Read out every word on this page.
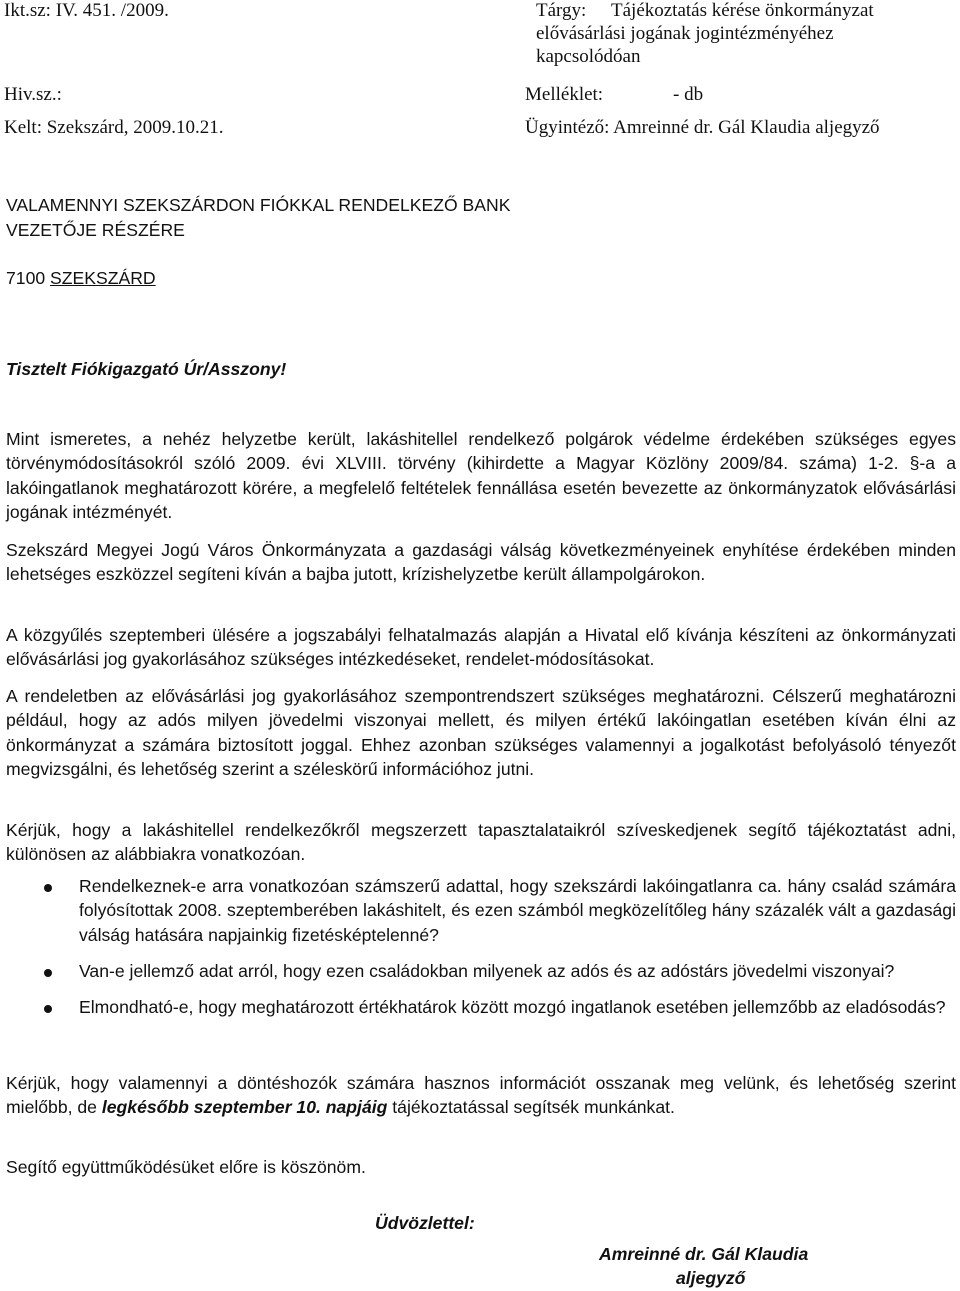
Ikt.sz: IV. 451. /2009.
Hiv.sz.:
Kelt: Szekszárd, 2009.10.21.
Tárgy: Tájékoztatás kérése önkormányzat
elővásárlási jogának jogintézményéhez
kapcsolódóan
Melléklet:	- db
Ügyintéző: Amreinné dr. Gál Klaudia aljegyző
VALAMENNYI SZEKSZÁRDON FIÓKKAL RENDELKEZŐ BANK
VEZETŐJE RÉSZÉRE
7100 SZEKSZÁRD
Tisztelt Fiókigazgató Úr/Asszony!

Mint ismeretes, a nehéz helyzetbe került, lakáshitellel rendelkező polgárok védelme érdekében szükséges egyes törvénymódosításokról szóló 2009. évi XLVIII. törvény (kihirdette a Magyar Közlöny 2009/84. száma) 1-2. §-a a lakóingatlanok meghatározott körére, a megfelelő feltételek fennállása esetén bevezette az önkormányzatok elővásárlási jogának intézményét.

Szekszárd Megyei Jogú Város Önkormányzata a gazdasági válság következményeinek enyhítése érdekében minden lehetséges eszközzel segíteni kíván a bajba jutott, krízishelyzetbe került állampolgárokon.

A közgyűlés szeptemberi ülésére a jogszabályi felhatalmazás alapján a Hivatal elő kívánja készíteni az önkormányzati elővásárlási jog gyakorlásához szükséges intézkedéseket, rendelet-módosításokat.

A rendeletben az elővásárlási jog gyakorlásához szempontrendszert szükséges meghatározni. Célszerű meghatározni például, hogy az adós milyen jövedelmi viszonyai mellett, és milyen értékű lakóingatlan esetében kíván élni az önkormányzat a számára biztosított joggal. Ehhez azonban szükséges valamennyi a jogalkotást befolyásoló tényezőt megvizsgálni, és lehetőség szerint a széleskörű információhoz jutni.

Kérjük, hogy a lakáshitellel rendelkezőkről megszerzett tapasztalataikról szíveskedjenek segítő tájékoztatást adni, különösen az alábbiakra vonatkozóan.

Rendelkeznek-e arra vonatkozóan számszerű adattal, hogy szekszárdi lakóingatlanra ca. hány család számára folyósítottak 2008. szeptemberében lakáshitelt, és ezen számból megközelítőleg hány százalék vált a gazdasági válság hatására napjainkig fizetésképtelenné?
Van-e jellemző adat arról, hogy ezen családokban milyenek az adós és az adóstárs jövedelmi viszonyai?
Elmondható-e, hogy meghatározott értékhatárok között mozgó ingatlanok esetében jellemzőbb az eladósodás?

Kérjük, hogy valamennyi a döntéshozók számára hasznos információt osszanak meg velünk, és lehetőség szerint mielőbb, de legkésőbb szeptember 10. napjáig tájékoztatással segítsék munkánkat.

Segítő együttműködésüket előre is köszönöm.

Üdvözlettel:
Amreinné dr. Gál Klaudia
aljegyző
